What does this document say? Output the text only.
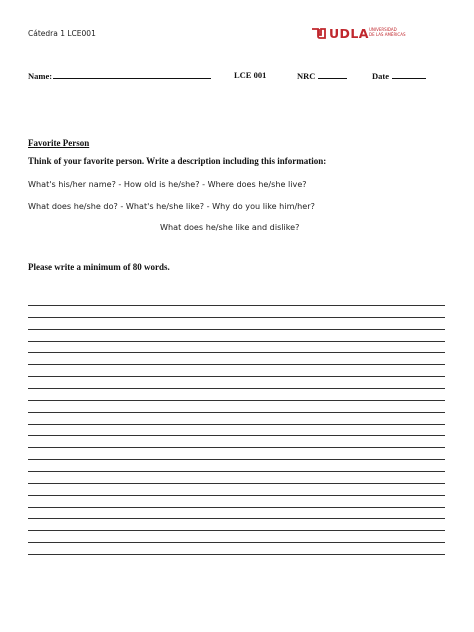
Cátedra 1 LCE001	UDLA UNIVERSIDAD
DE LAS AMÉRICAS
Name:	LCE 001	NRC	Date
Favorite Person
Think of your favorite person. Write a description including this information:
What's his/her name? - How old is he/she? - Where does he/she live?
What does he/she do? - What's he/she like? - Why do you like him/her?
What does he/she like and dislike?
Please write a minimum of 80 words.
